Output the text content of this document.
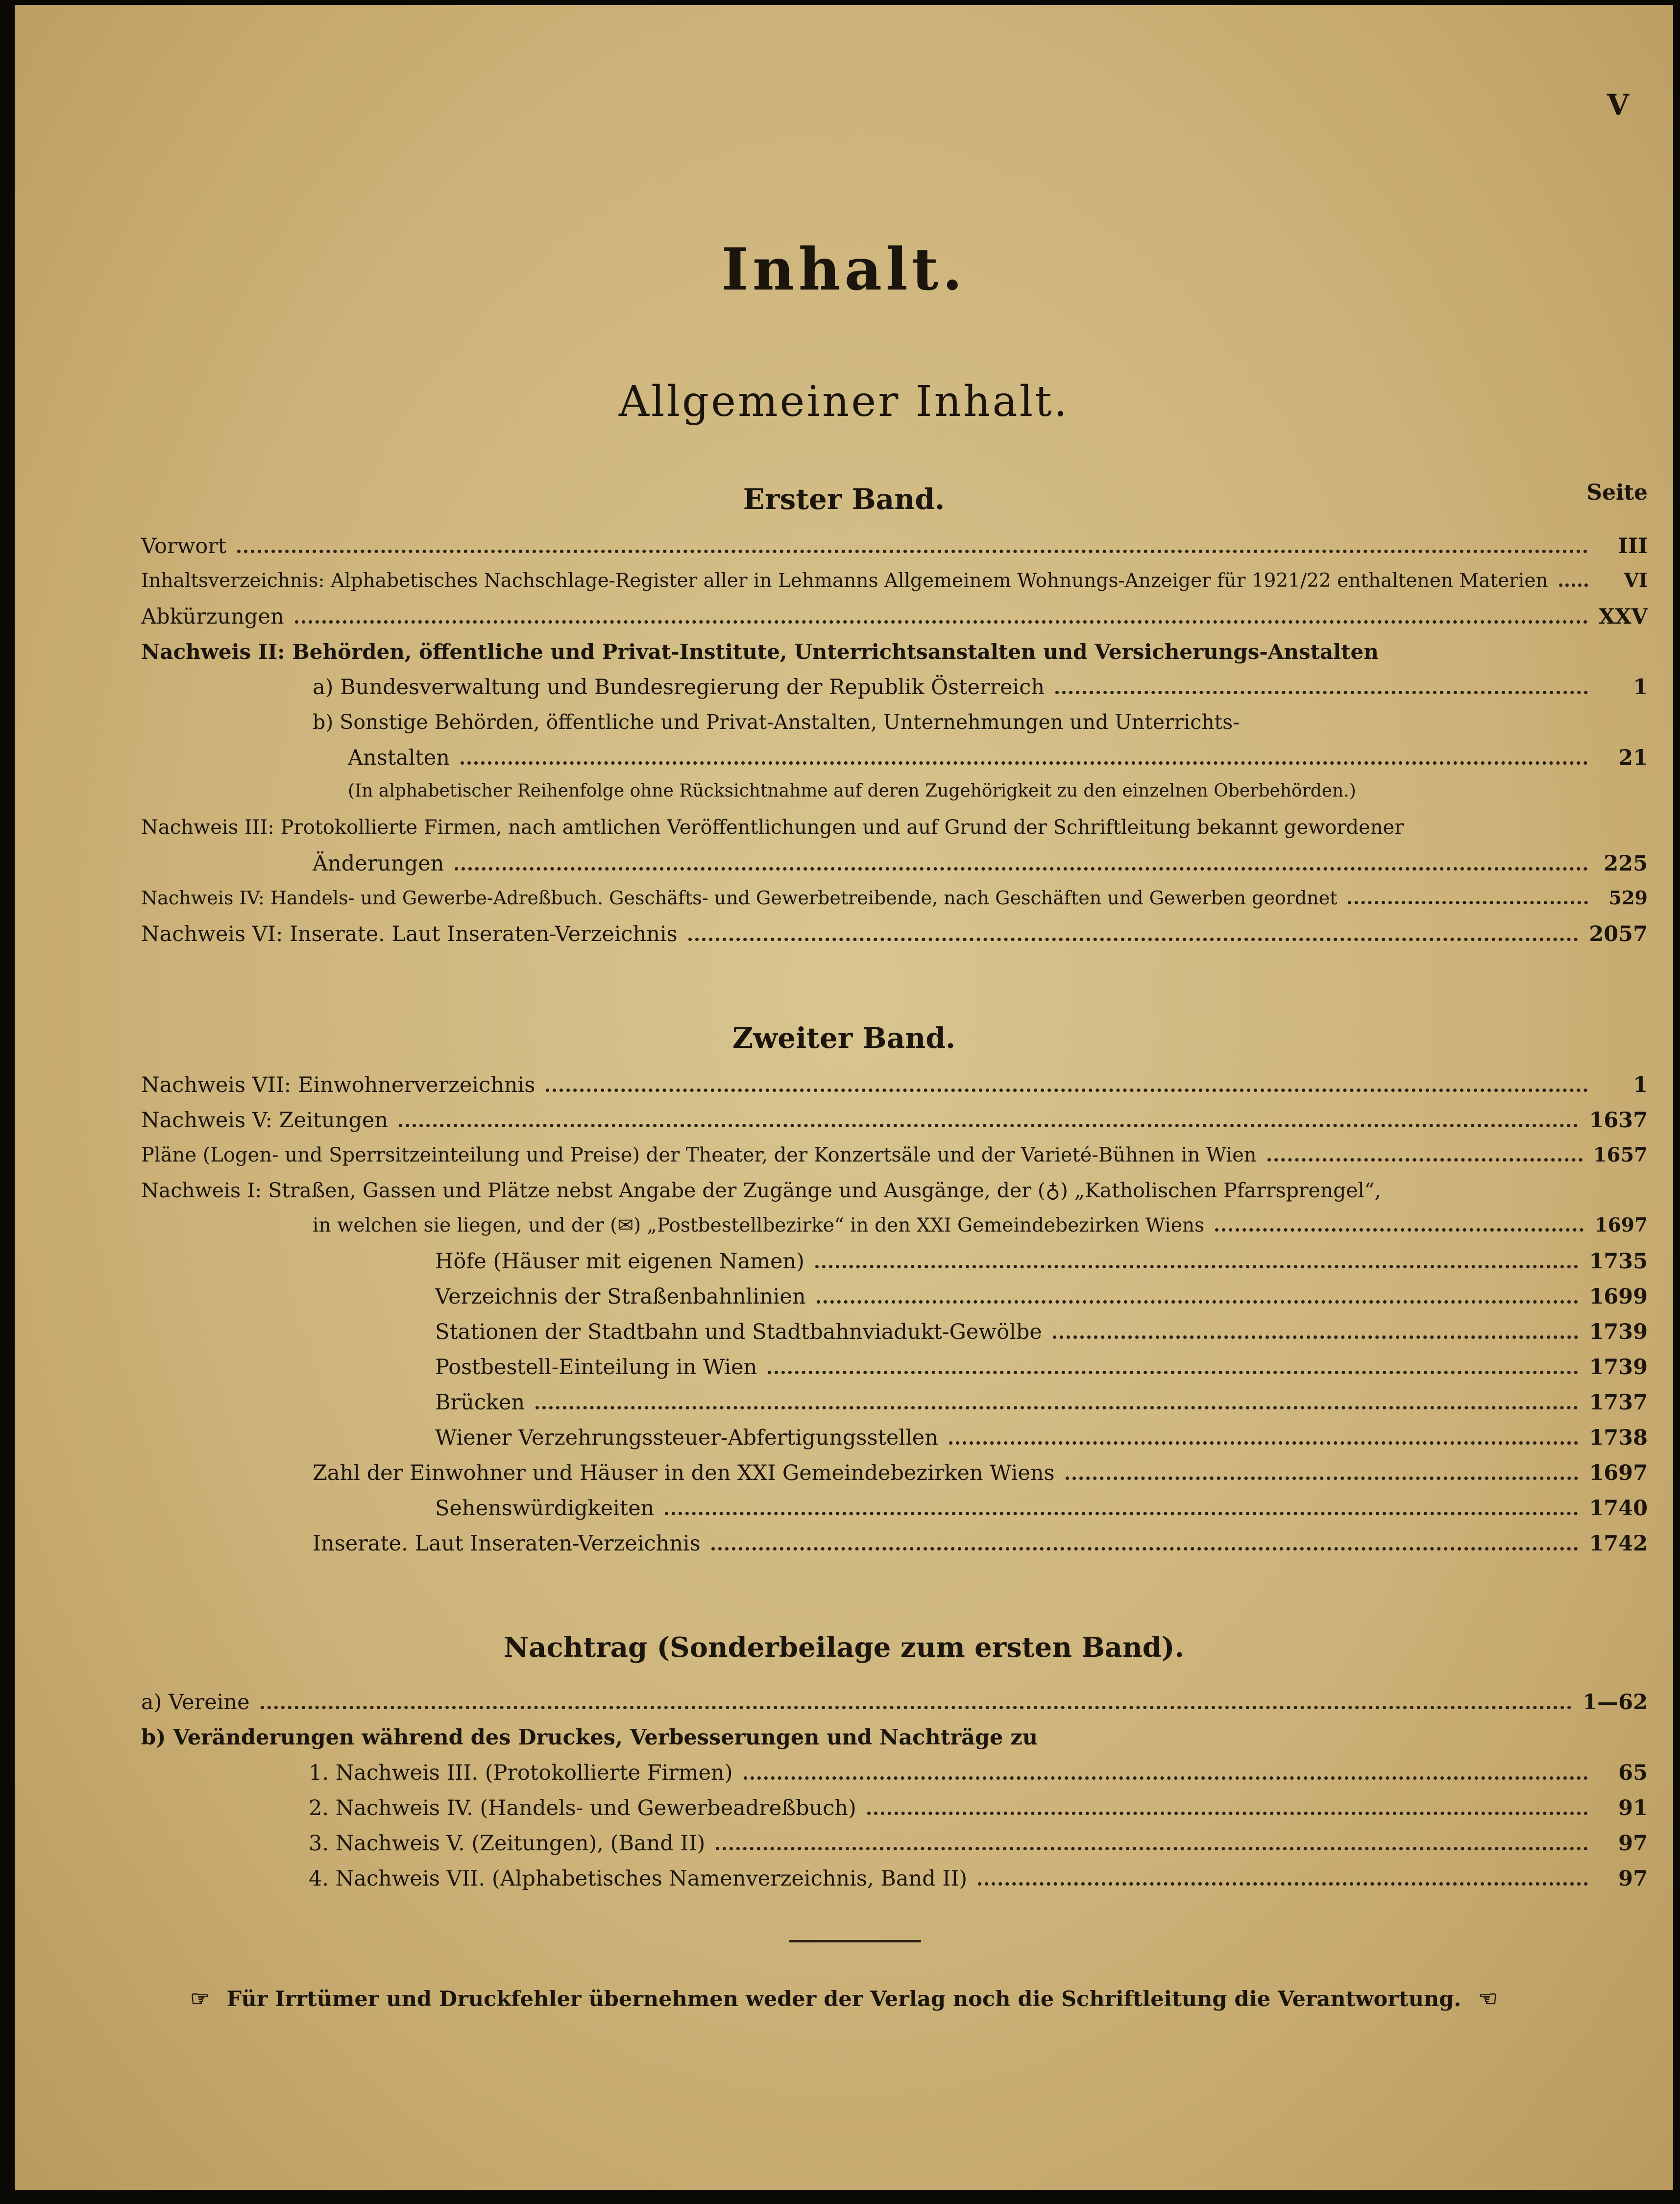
V
Inhalt.
Allgemeiner Inhalt.
Erster Band.	Seite
Vorwort	III
Inhaltsverzeichnis: Alphabetisches Nachschlage-Register aller in Lehmanns Allgemeinem Wohnungs-Anzeiger für 1921/22 enthaltenen Materien	VI
Abkürzungen	XXV
Nachweis II: Behörden, öffentliche und Privat-Institute, Unterrichtsanstalten und Versicherungs-Anstalten
a) Bundesverwaltung und Bundesregierung der Republik Österreich	1
b) Sonstige Behörden, öffentliche und Privat-Anstalten, Unternehmungen und Unterrichts-
Anstalten	21
(In alphabetischer Reihenfolge ohne Rücksichtnahme auf deren Zugehörigkeit zu den einzelnen Oberbehörden.)
Nachweis III: Protokollierte Firmen, nach amtlichen Veröffentlichungen und auf Grund der Schriftleitung bekannt gewordener
Änderungen	225
Nachweis IV: Handels- und Gewerbe-Adreßbuch. Geschäfts- und Gewerbetreibende, nach Geschäften und Gewerben geordnet	529
Nachweis VI: Inserate. Laut Inseraten-Verzeichnis	2057
Zweiter Band.
Nachweis VII: Einwohnerverzeichnis	1
Nachweis V: Zeitungen	1637
Pläne (Logen- und Sperrsitzeinteilung und Preise) der Theater, der Konzertsäle und der Varieté-Bühnen in Wien	1657
Nachweis I: Straßen, Gassen und Plätze nebst Angabe der Zugänge und Ausgänge, der (♁) „Katholischen Pfarrsprengel“,
in welchen sie liegen, und der (✉) „Postbestellbezirke“ in den XXI Gemeindebezirken Wiens	1697
Höfe (Häuser mit eigenen Namen)	1735
Verzeichnis der Straßenbahnlinien	1699
Stationen der Stadtbahn und Stadtbahnviadukt-Gewölbe	1739
Postbestell-Einteilung in Wien	1739
Brücken	1737
Wiener Verzehrungssteuer-Abfertigungsstellen	1738
Zahl der Einwohner und Häuser in den XXI Gemeindebezirken Wiens	1697
Sehenswürdigkeiten	1740
Inserate. Laut Inseraten-Verzeichnis	1742
Nachtrag (Sonderbeilage zum ersten Band).
a) Vereine	1—62
b) Veränderungen während des Druckes, Verbesserungen und Nachträge zu
1. Nachweis III. (Protokollierte Firmen)	65
2. Nachweis IV. (Handels- und Gewerbeadreßbuch)	91
3. Nachweis V. (Zeitungen), (Band II)	97
4. Nachweis VII. (Alphabetisches Namenverzeichnis, Band II)	97
☞ Für Irrtümer und Druckfehler übernehmen weder der Verlag noch die Schriftleitung die Verantwortung. ☜
